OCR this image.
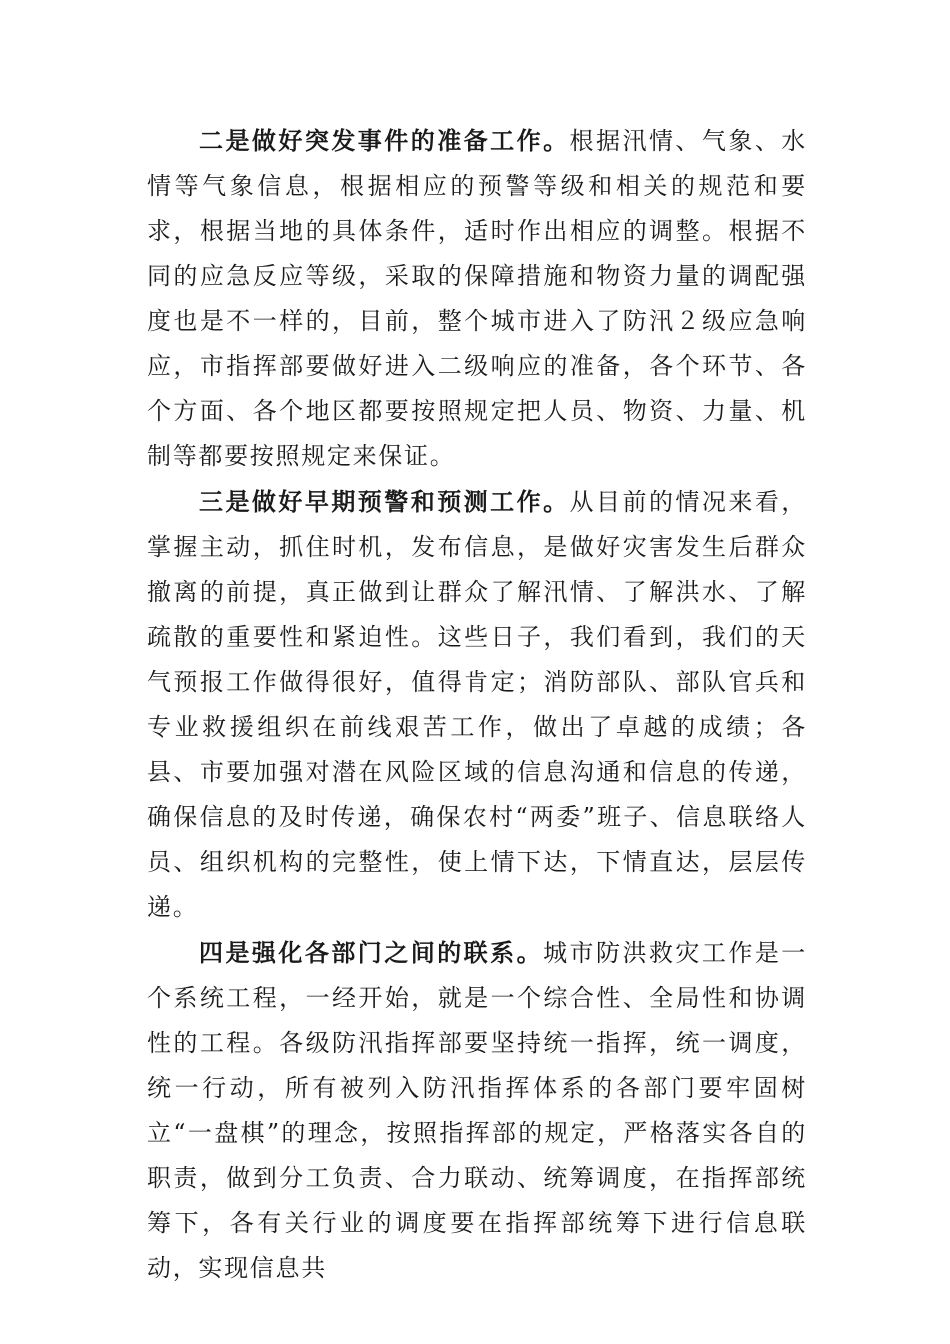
二是做好突发事件的准备工作。根据汛情、气象、水情等气象信息，根据相应的预警等级和相关的规范和要求，根据当地的具体条件，适时作出相应的调整。根据不同的应急反应等级，采取的保障措施和物资力量的调配强度也是不一样的，目前，整个城市进入了防汛２级应急响应，市指挥部要做好进入二级响应的准备，各个环节、各个方面、各个地区都要按照规定把人员、物资、力量、机制等都要按照规定来保证。

三是做好早期预警和预测工作。从目前的情况来看，掌握主动，抓住时机，发布信息，是做好灾害发生后群众撤离的前提，真正做到让群众了解汛情、了解洪水、了解疏散的重要性和紧迫性。这些日子，我们看到，我们的天气预报工作做得很好，值得肯定；消防部队、部队官兵和专业救援组织在前线艰苦工作，做出了卓越的成绩；各县、市要加强对潜在风险区域的信息沟通和信息的传递，确保信息的及时传递，确保农村“两委”班子、信息联络人员、组织机构的完整性，使上情下达，下情直达，层层传递。

四是强化各部门之间的联系。城市防洪救灾工作是一个系统工程，一经开始，就是一个综合性、全局性和协调性的工程。各级防汛指挥部要坚持统一指挥，统一调度，统一行动，所有被列入防汛指挥体系的各部门要牢固树立“一盘棋”的理念，按照指挥部的规定，严格落实各自的职责，做到分工负责、合力联动、统筹调度，在指挥部统筹下，各有关行业的调度要在指挥部统筹下进行信息联动，实现信息共
